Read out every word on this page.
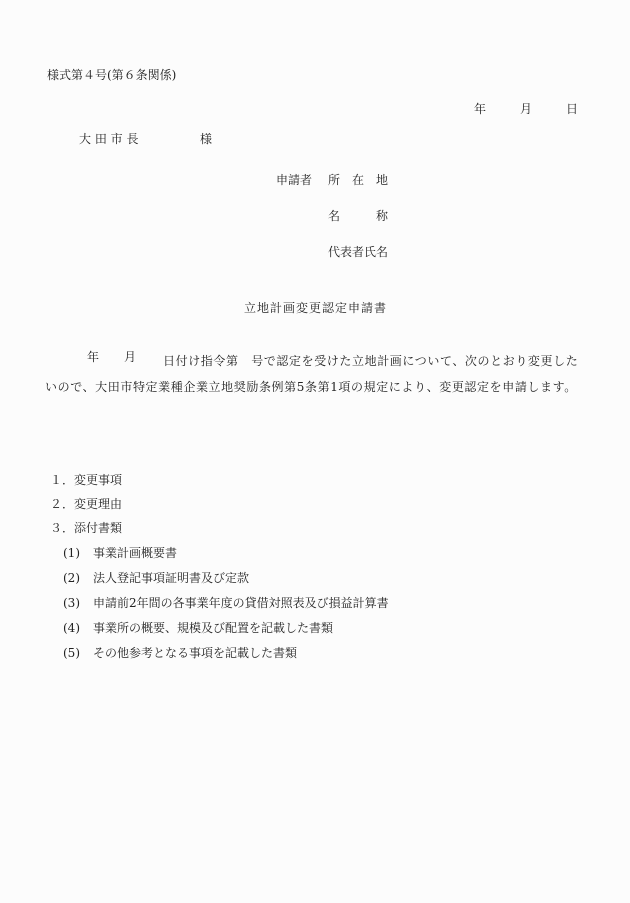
様式第４号(第６条関係)
年	月	日
大 田 市 長	様
申請者 所　在　地
名　　　称
代表者氏名
立地計画変更認定申請書
年 月	日付け指令第　号で認定を受けた立地計画について、次のとおり変更したいので、大田市特定業種企業立地奨励条例第5条第1項の規定により、変更認定を申請します。
１．変更事項
２．変更理由
３．添付書類
(1) 事業計画概要書
(2) 法人登記事項証明書及び定款
(3) 申請前2年間の各事業年度の貸借対照表及び損益計算書
(4) 事業所の概要、規模及び配置を記載した書類
(5) その他参考となる事項を記載した書類
